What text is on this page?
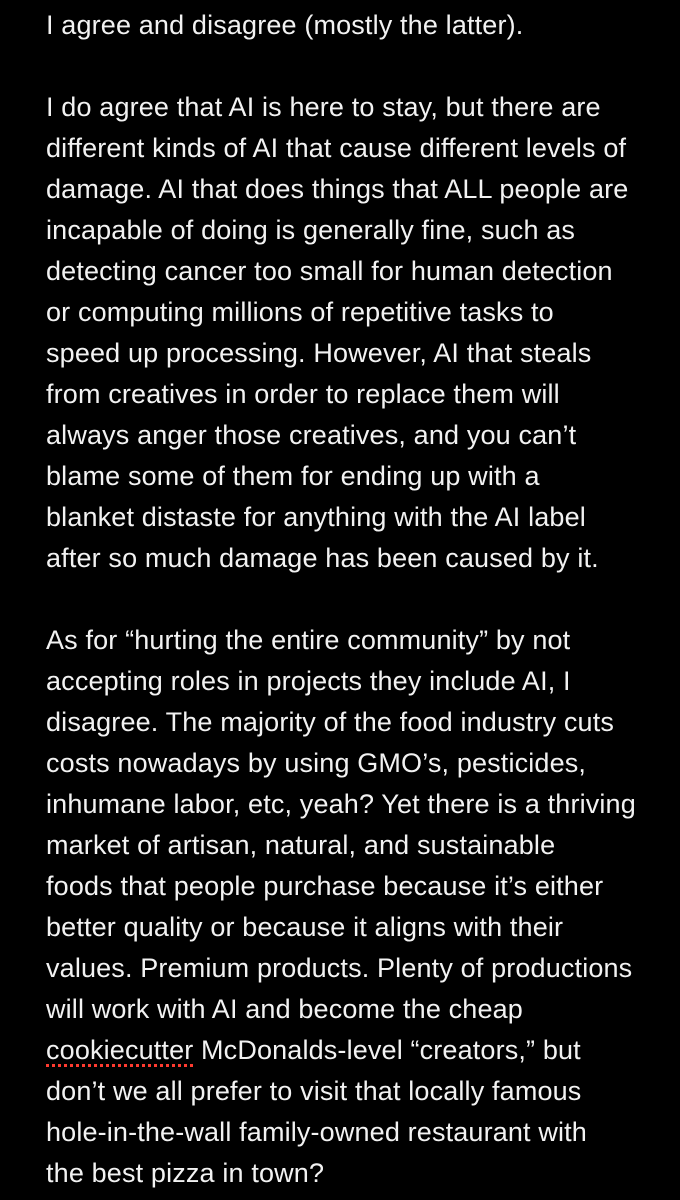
I agree and disagree (mostly the latter).
I do agree that AI is here to stay, but there are
different kinds of AI that cause different levels of
damage. AI that does things that ALL people are
incapable of doing is generally fine, such as
detecting cancer too small for human detection
or computing millions of repetitive tasks to
speed up processing. However, AI that steals
from creatives in order to replace them will
always anger those creatives, and you can’t
blame some of them for ending up with a
blanket distaste for anything with the AI label
after so much damage has been caused by it.
As for “hurting the entire community” by not
accepting roles in projects they include AI, I
disagree. The majority of the food industry cuts
costs nowadays by using GMO’s, pesticides,
inhumane labor, etc, yeah? Yet there is a thriving
market of artisan, natural, and sustainable
foods that people purchase because it’s either
better quality or because it aligns with their
values. Premium products. Plenty of productions
will work with AI and become the cheap
cookiecutter McDonalds-level “creators,” but
don’t we all prefer to visit that locally famous
hole-in-the-wall family-owned restaurant with
the best pizza in town?
